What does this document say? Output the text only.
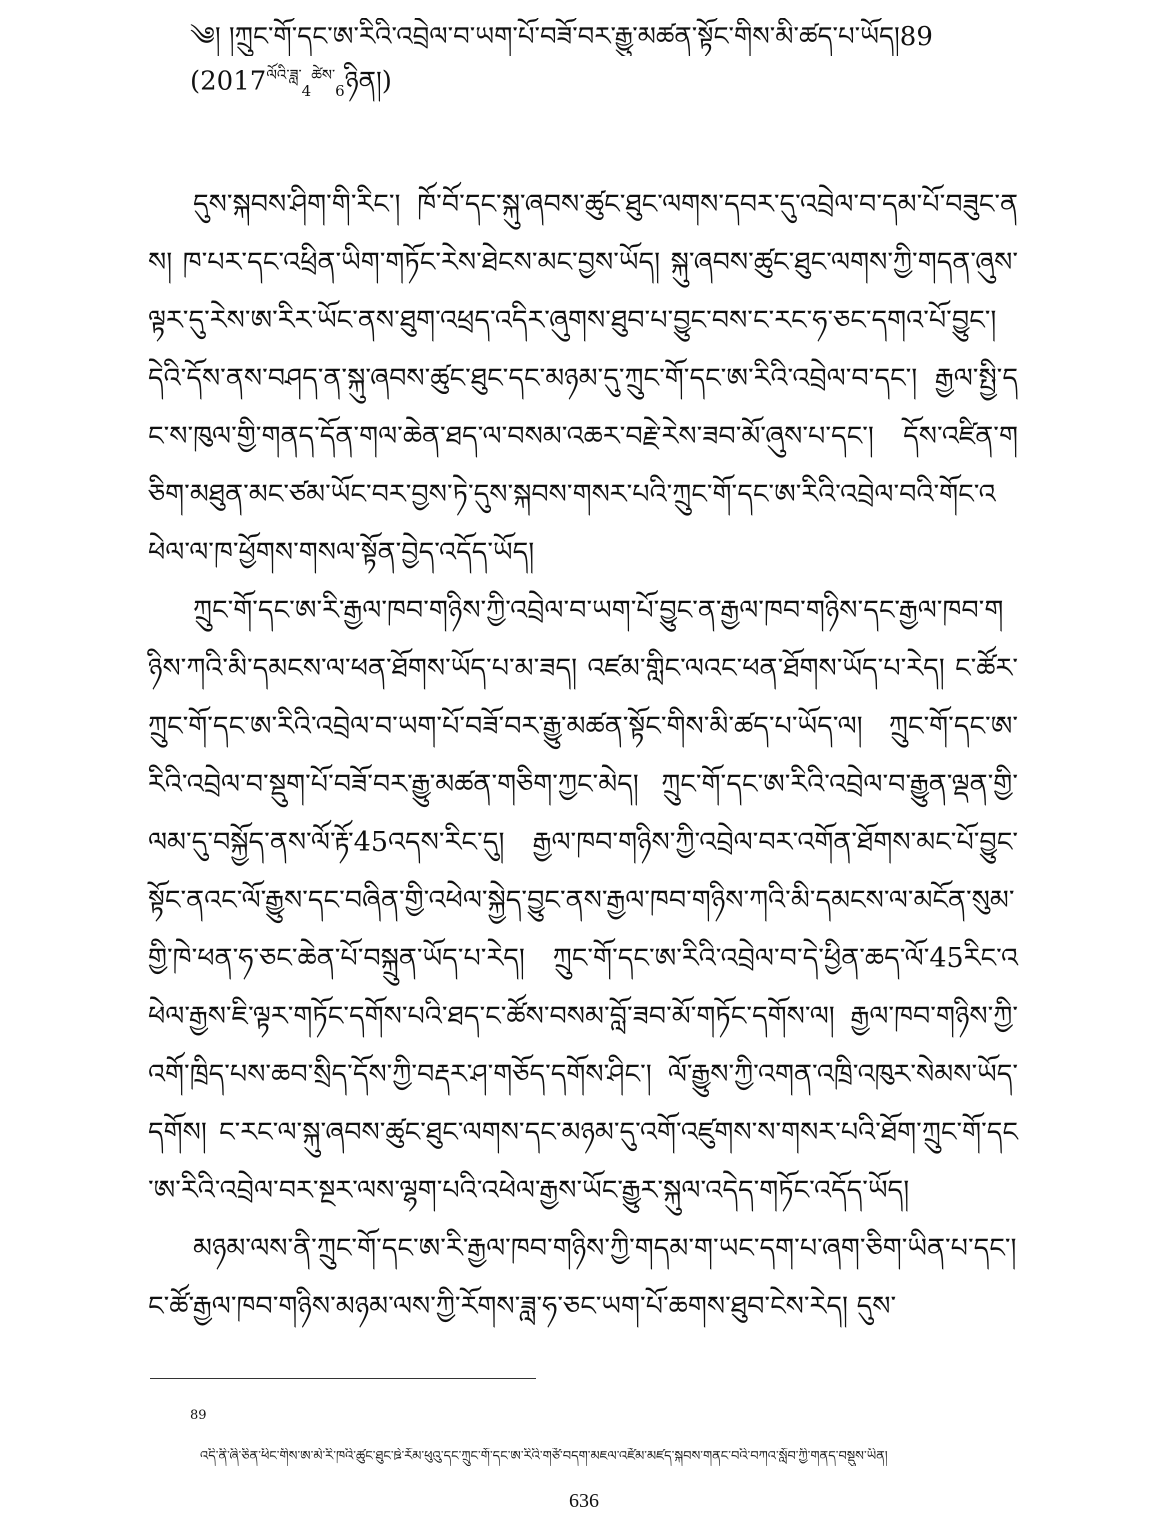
༄། །ཀྲུང་གོ་དང་ཨ་རིའི་འབྲེལ་བ་ཡག་པོ་བཟོ་བར་རྒྱུ་མཚན་སྟོང་གིས་མི་ཚད་པ་ཡོད།89
$(2017^{ལོའི་ཟླ་}_4^{ཚེས་}_6ཉིན།)$

དུས་སྐབས་ཤིག་གི་རིང་། ཁོ་བོ་དང་སྐུ་ཞབས་ཚུང་ཐུང་ལགས་དབར་དུ་འབྲེལ་བ་དམ་པོ་བཟུང་ནས། ཁ་པར་དང་འཕྲིན་ཡིག་གཏོང་རེས་ཐེངས་མང་བྱས་ཡོད། སྐུ་ཞབས་ཚུང་ཐུང་ལགས་ཀྱི་གདན་ཞུས་ལྟར་དུ་རེས་ཨ་རིར་ཡོང་ནས་ཐུག་འཕྲད་འདིར་ཞུགས་ཐུབ་པ་བྱུང་བས་ང་རང་ཧ་ཅང་དགའ་པོ་བྱུང་། དེའི་དོས་ནས་བཤད་ན་སྐུ་ཞབས་ཚུང་ཐུང་དང་མཉམ་དུ་ཀྲུང་གོ་དང་ཨ་རིའི་འབྲེལ་བ་དང་། རྒྱལ་སྤྱི་དང་ས་ཁུལ་གྱི་གནད་དོན་གལ་ཆེན་ཐད་ལ་བསམ་འཆར་བརྗེ་རེས་ཟབ་མོ་ཞུས་པ་དང་། དོས་འཛིན་གཅིག་མཐུན་མང་ཙམ་ཡོང་བར་བྱས་ཏེ་དུས་སྐབས་གསར་པའི་ཀྲུང་གོ་དང་ཨ་རིའི་འབྲེལ་བའི་གོང་འཕེལ་ལ་ཁ་ཕྱོགས་གསལ་སྟོན་བྱེད་འདོད་ཡོད།

ཀྲུང་གོ་དང་ཨ་རི་རྒྱལ་ཁབ་གཉིས་ཀྱི་འབྲེལ་བ་ཡག་པོ་བྱུང་ན་རྒྱལ་ཁབ་གཉིས་དང་རྒྱལ་ཁབ་གཉིས་ཀའི་མི་དམངས་ལ་ཕན་ཐོགས་ཡོད་པ་མ་ཟད། འཛམ་གླིང་ལའང་ཕན་ཐོགས་ཡོད་པ་རེད། ང་ཚོར་ཀྲུང་གོ་དང་ཨ་རིའི་འབྲེལ་བ་ཡག་པོ་བཟོ་བར་རྒྱུ་མཚན་སྟོང་གིས་མི་ཚད་པ་ཡོད་ལ། ཀྲུང་གོ་དང་ཨ་རིའི་འབྲེལ་བ་སྡུག་པོ་བཟོ་བར་རྒྱུ་མཚན་གཅིག་ཀྱང་མེད། ཀྲུང་གོ་དང་ཨ་རིའི་འབྲེལ་བ་རྒྱུན་ལྡན་གྱི་ལམ་དུ་བསྐྱོད་ནས་ལོ་རྟོ་45འདས་རིང་དུ། རྒྱལ་ཁབ་གཉིས་ཀྱི་འབྲེལ་བར་འགོན་ཐོགས་མང་པོ་བྱུང་སྟོང་ནའང་ལོ་རྒྱུས་དང་བཞིན་གྱི་འཕེལ་སྐྱེད་བྱུང་ནས་རྒྱལ་ཁབ་གཉིས་ཀའི་མི་དམངས་ལ་མངོན་སུམ་གྱི་ཁེ་ཕན་ཧ་ཅང་ཆེན་པོ་བསྐྲུན་ཡོད་པ་རེད། ཀྲུང་གོ་དང་ཨ་རིའི་འབྲེལ་བ་དེ་ཕྱིན་ཆད་ལོ་45རིང་འཕེལ་རྒྱས་ཇི་ལྟར་གཏོང་དགོས་པའི་ཐད་ང་ཚོས་བསམ་བློ་ཟབ་མོ་གཏོང་དགོས་ལ། རྒྱལ་ཁབ་གཉིས་ཀྱི་འགོ་ཁྲིད་པས་ཆབ་སྲིད་དོས་ཀྱི་བརྡར་ཤ་གཅོད་དགོས་ཤིང་། ལོ་རྒྱུས་ཀྱི་འགན་འཁྲི་འཁུར་སེམས་ཡོད་དགོས། ང་རང་ལ་སྐུ་ཞབས་ཚུང་ཐུང་ལགས་དང་མཉམ་དུ་འགོ་འཛུགས་ས་གསར་པའི་ཐོག་ཀྲུང་གོ་དང་ཨ་རིའི་འབྲེལ་བར་སྔར་ལས་ལྷག་པའི་འཕེལ་རྒྱས་ཡོང་རྒྱུར་སྐུལ་འདེད་གཏོང་འདོད་ཡོད།

མཉམ་ལས་ནི་ཀྲུང་གོ་དང་ཨ་རི་རྒྱལ་ཁབ་གཉིས་ཀྱི་གདམ་ག་ཡང་དག་པ་ཞག་ཅིག་ཡིན་པ་དང་། ང་ཚོ་རྒྱལ་ཁབ་གཉིས་མཉམ་ལས་ཀྱི་རོགས་ཟླ་ཧ་ཅང་ཡག་པོ་ཆགས་ཐུབ་ངེས་རེད། དུས་

89
འདི་ནི་ཞི་ཅིན་ཕིང་གིས་ཨ་མེ་རི་ཁའི་ཚུང་ཐུང་ཋེ་རོམ་ཕུའུ་དང་ཀྲུང་གོ་དང་ཨ་རིའི་གཙོ་བདག་མཇལ་འཛོམ་མཛད་སྐབས་གནང་བའི་བཀའ་སློབ་ཀྱི་གནད་བསྡུས་ཡིན།
636
